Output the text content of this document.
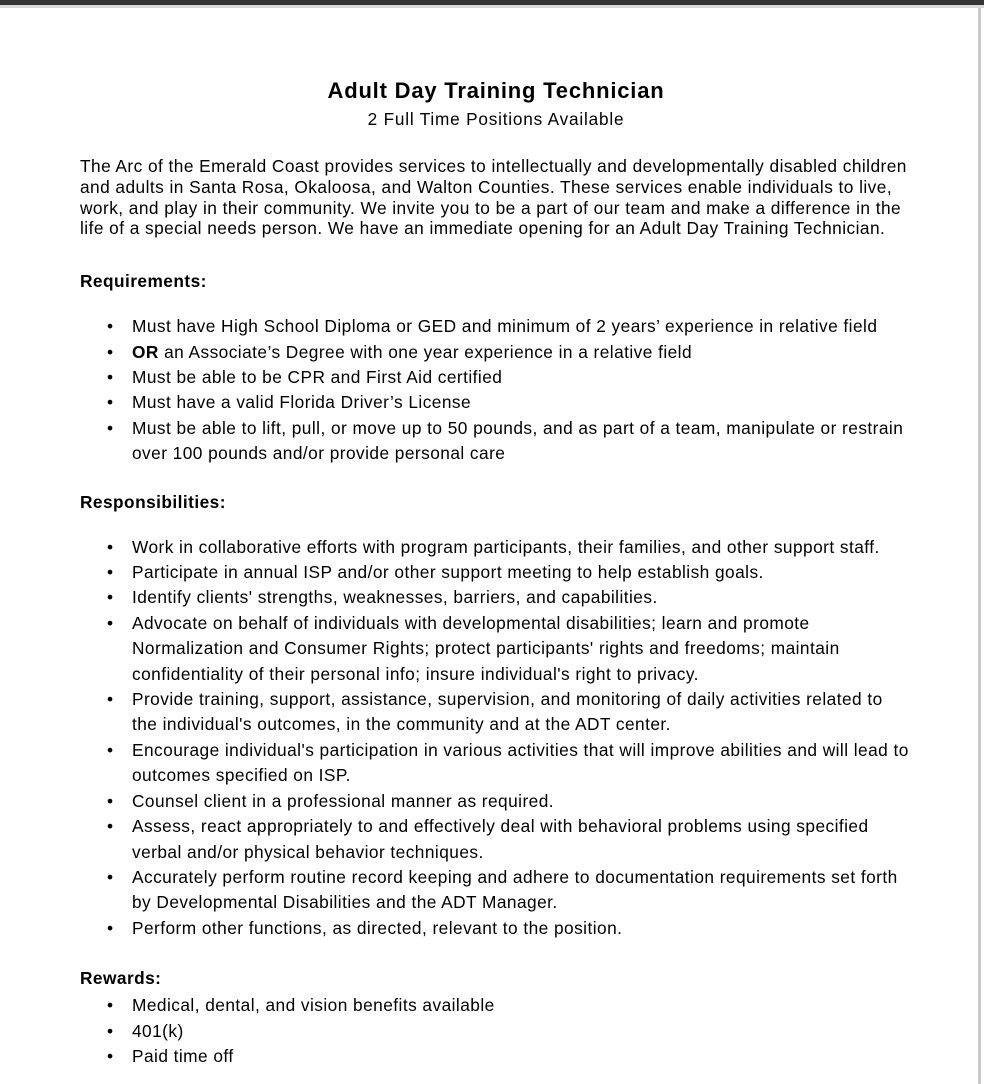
Adult Day Training Technician
2 Full Time Positions Available

The Arc of the Emerald Coast provides services to intellectually and developmentally disabled children and adults in Santa Rosa, Okaloosa, and Walton Counties. These services enable individuals to live, work, and play in their community. We invite you to be a part of our team and make a difference in the life of a special needs person. We have an immediate opening for an Adult Day Training Technician.

Requirements:
• Must have High School Diploma or GED and minimum of 2 years’ experience in relative field
• OR an Associate’s Degree with one year experience in a relative field
• Must be able to be CPR and First Aid certified
• Must have a valid Florida Driver’s License
• Must be able to lift, pull, or move up to 50 pounds, and as part of a team, manipulate or restrain over 100 pounds and/or provide personal care
Responsibilities:
• Work in collaborative efforts with program participants, their families, and other support staff.
• Participate in annual ISP and/or other support meeting to help establish goals.
• Identify clients' strengths, weaknesses, barriers, and capabilities.
• Advocate on behalf of individuals with developmental disabilities; learn and promote Normalization and Consumer Rights; protect participants' rights and freedoms; maintain confidentiality of their personal info; insure individual's right to privacy.
• Provide training, support, assistance, supervision, and monitoring of daily activities related to the individual's outcomes, in the community and at the ADT center.
• Encourage individual's participation in various activities that will improve abilities and will lead to outcomes specified on ISP.
• Counsel client in a professional manner as required.
• Assess, react appropriately to and effectively deal with behavioral problems using specified verbal and/or physical behavior techniques.
• Accurately perform routine record keeping and adhere to documentation requirements set forth by Developmental Disabilities and the ADT Manager.
• Perform other functions, as directed, relevant to the position.
Rewards:
• Medical, dental, and vision benefits available
• 401(k)
• Paid time off
